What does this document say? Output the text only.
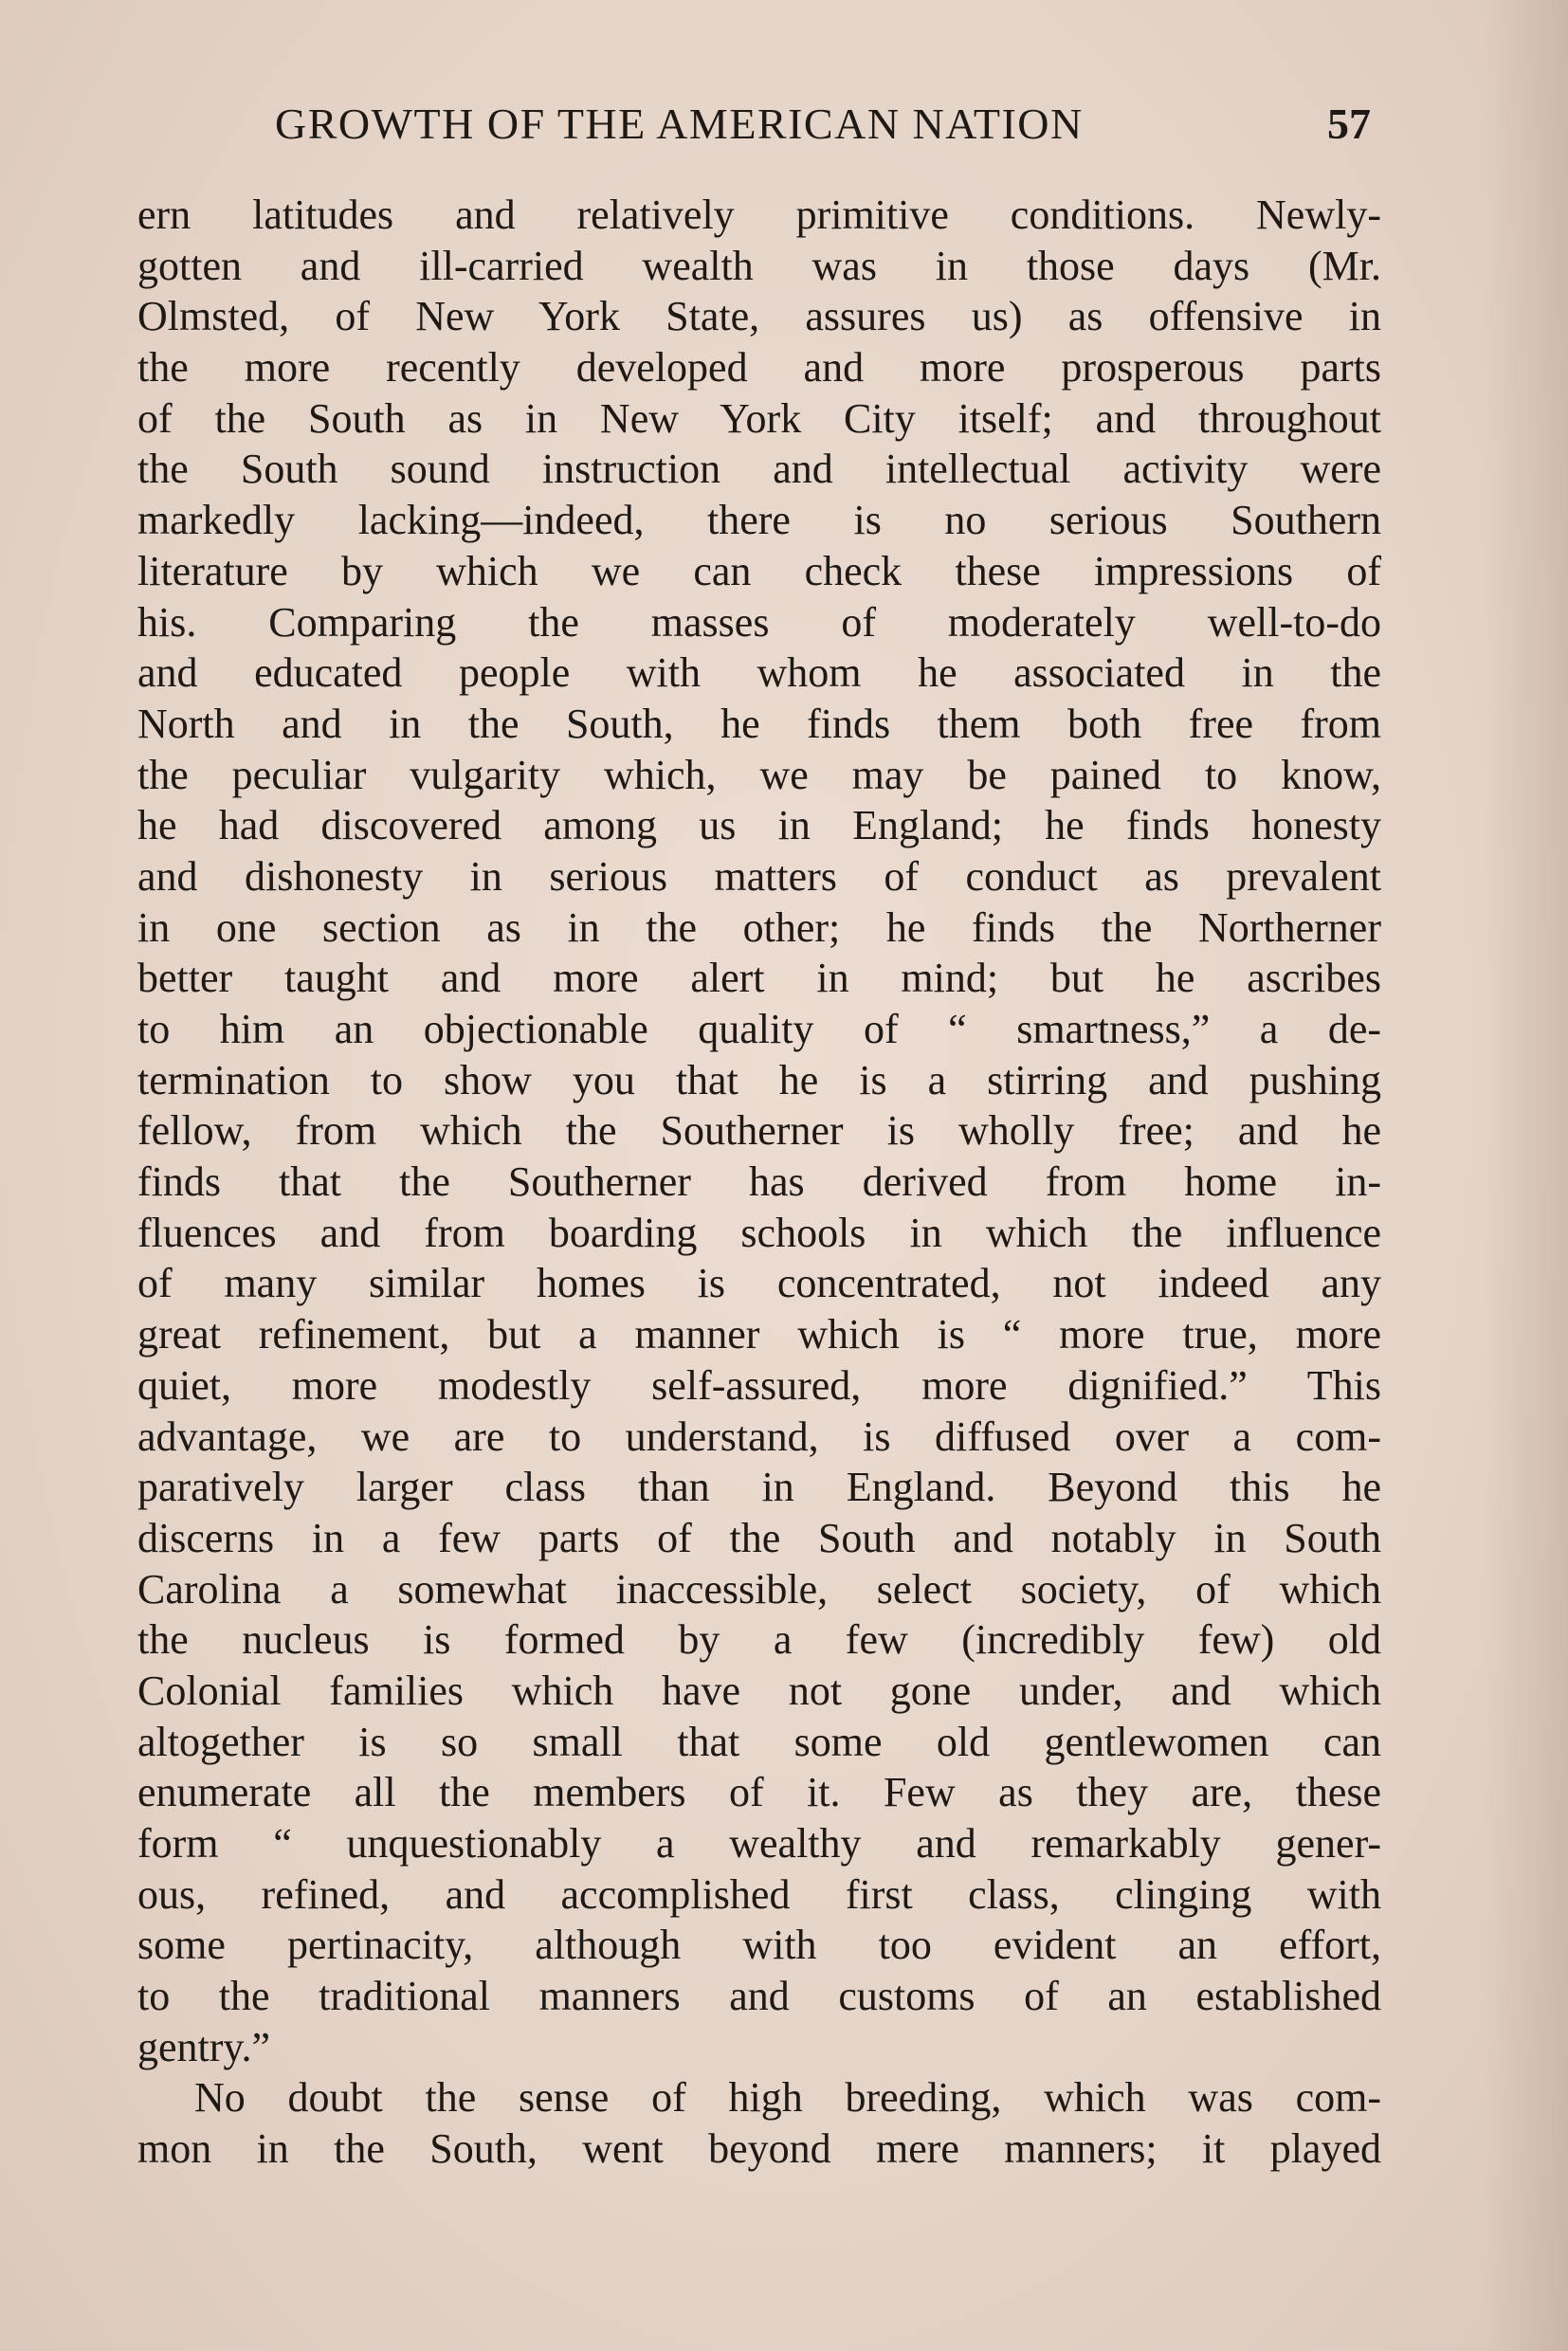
GROWTH OF THE AMERICAN NATION	57
ern latitudes and relatively primitive conditions. Newly-
gotten and ill-carried wealth was in those days (Mr.
Olmsted, of New York State, assures us) as offensive in
the more recently developed and more prosperous parts
of the South as in New York City itself; and throughout
the South sound instruction and intellectual activity were
markedly lacking—indeed, there is no serious Southern
literature by which we can check these impressions of
his. Comparing the masses of moderately well-to-do
and educated people with whom he associated in the
North and in the South, he finds them both free from
the peculiar vulgarity which, we may be pained to know,
he had discovered among us in England; he finds honesty
and dishonesty in serious matters of conduct as prevalent
in one section as in the other; he finds the Northerner
better taught and more alert in mind; but he ascribes
to him an objectionable quality of “ smartness,” a de-
termination to show you that he is a stirring and pushing
fellow, from which the Southerner is wholly free; and he
finds that the Southerner has derived from home in-
fluences and from boarding schools in which the influence
of many similar homes is concentrated, not indeed any
great refinement, but a manner which is “ more true, more
quiet, more modestly self-assured, more dignified.” This
advantage, we are to understand, is diffused over a com-
paratively larger class than in England. Beyond this he
discerns in a few parts of the South and notably in South
Carolina a somewhat inaccessible, select society, of which
the nucleus is formed by a few (incredibly few) old
Colonial families which have not gone under, and which
altogether is so small that some old gentlewomen can
enumerate all the members of it. Few as they are, these
form “ unquestionably a wealthy and remarkably gener-
ous, refined, and accomplished first class, clinging with
some pertinacity, although with too evident an effort,
to the traditional manners and customs of an established
gentry.”
No doubt the sense of high breeding, which was com-
mon in the South, went beyond mere manners; it played
